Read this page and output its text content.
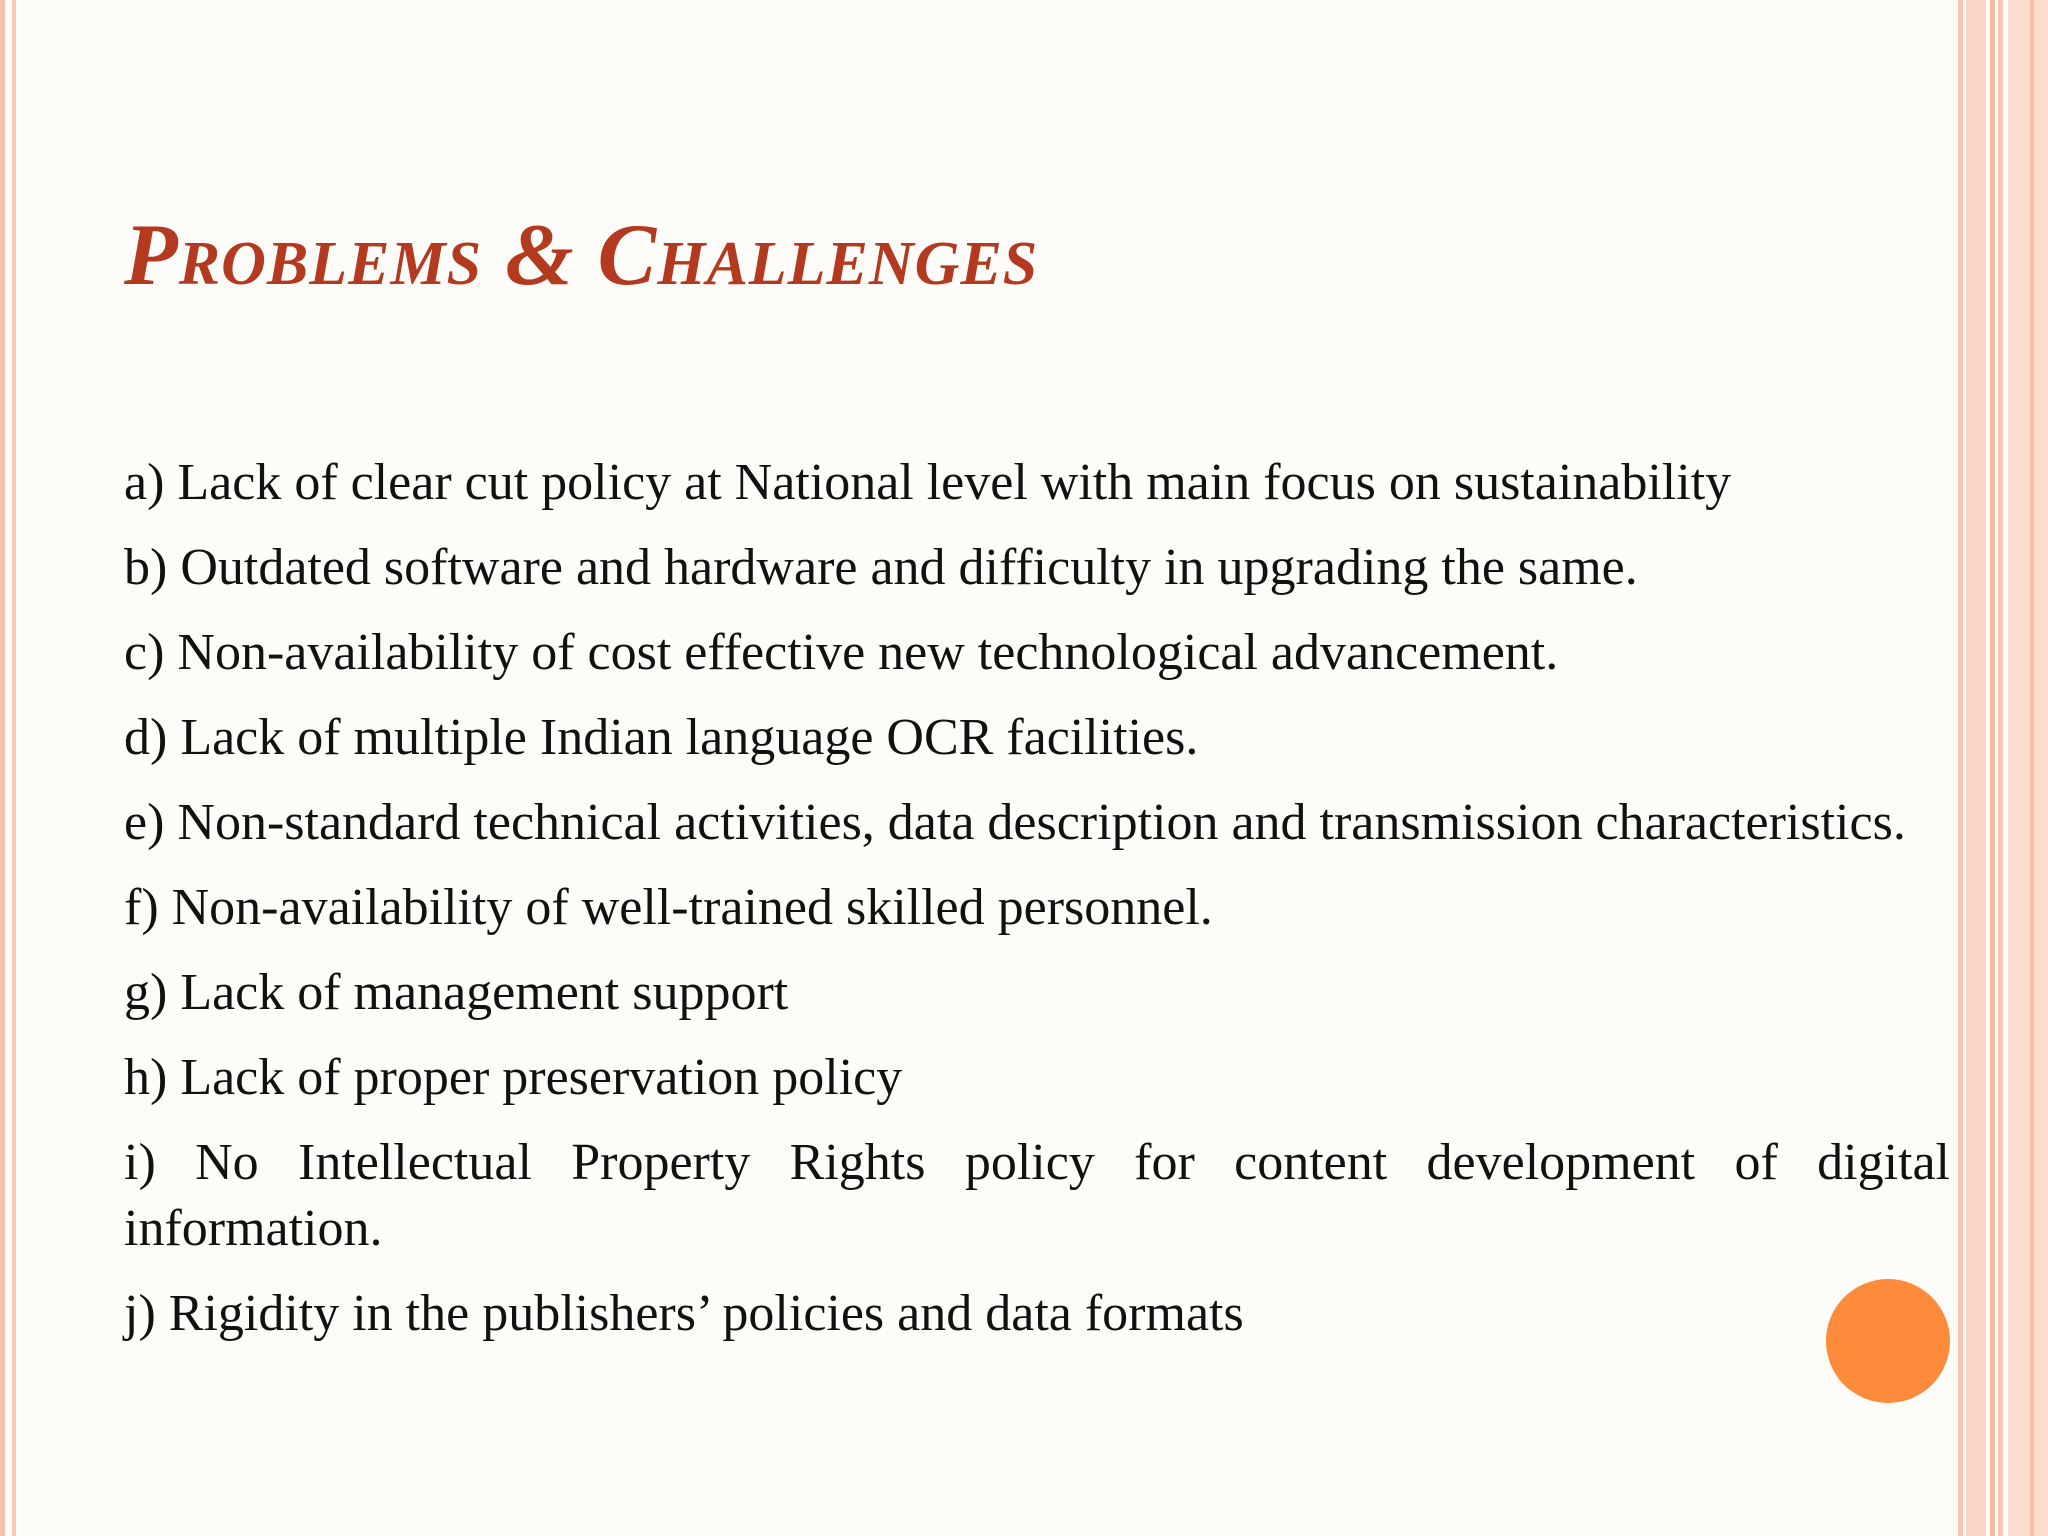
Problems & Challenges
a) Lack of clear cut policy at National level with main focus on sustainability
b) Outdated software and hardware and difficulty in upgrading the same.
c) Non-availability of cost effective new technological advancement.
d) Lack of multiple Indian language OCR facilities.
e) Non-standard technical activities, data description and transmission characteristics.
f) Non-availability of well-trained skilled personnel.
g) Lack of management support
h) Lack of proper preservation policy
i) No Intellectual Property Rights policy for content development of digital information.
j) Rigidity in the publishers’ policies and data formats
